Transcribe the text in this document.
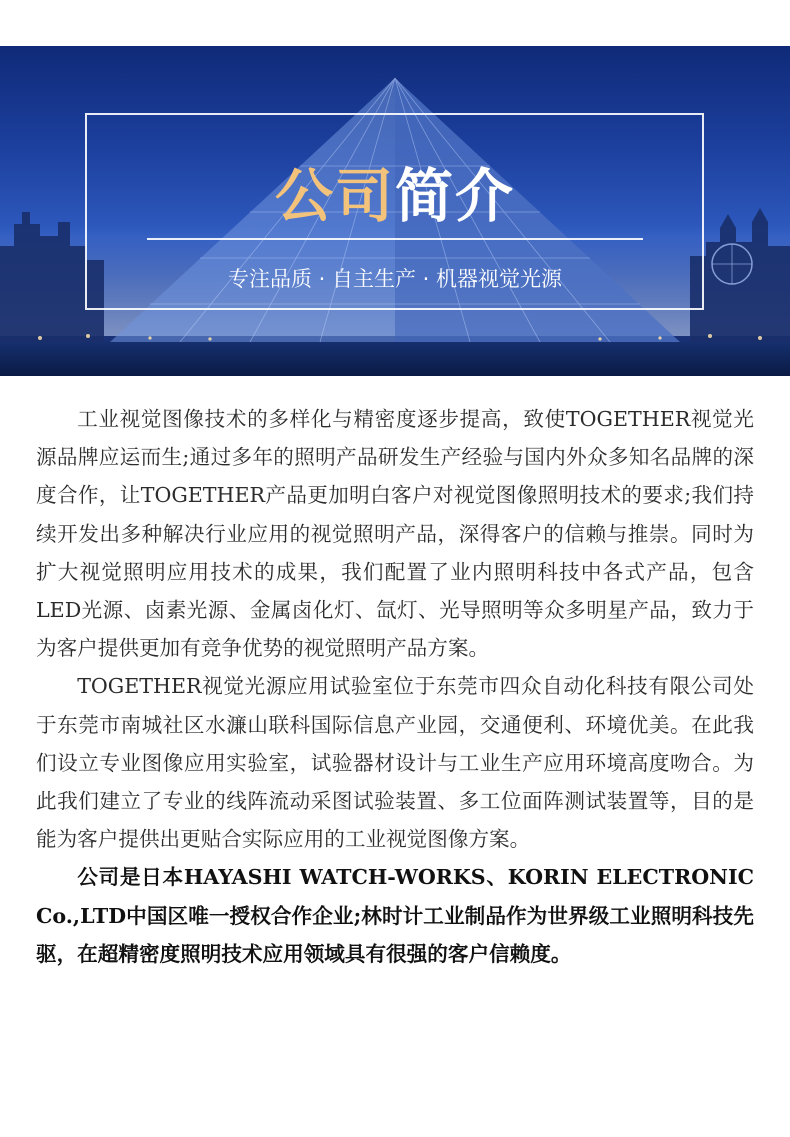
公司简介
专注品质 · 自主生产 · 机器视觉光源

工业视觉图像技术的多样化与精密度逐步提高，致使TOGETHER视觉光源品牌应运而生;通过多年的照明产品研发生产经验与国内外众多知名品牌的深度合作，让TOGETHER产品更加明白客户对视觉图像照明技术的要求;我们持续开发出多种解决行业应用的视觉照明产品，深得客户的信赖与推崇。同时为扩大视觉照明应用技术的成果，我们配置了业内照明科技中各式产品，包含LED光源、卤素光源、金属卤化灯、氙灯、光导照明等众多明星产品，致力于为客户提供更加有竞争优势的视觉照明产品方案。

TOGETHER视觉光源应用试验室位于东莞市四众自动化科技有限公司处于东莞市南城社区水濂山联科国际信息产业园，交通便利、环境优美。在此我们设立专业图像应用实验室，试验器材设计与工业生产应用环境高度吻合。为此我们建立了专业的线阵流动采图试验装置、多工位面阵测试装置等，目的是能为客户提供出更贴合实际应用的工业视觉图像方案。

公司是日本HAYASHI WATCH-WORKS、KORIN ELECTRONIC Co.,LTD中国区唯一授权合作企业;林时计工业制品作为世界级工业照明科技先驱，在超精密度照明技术应用领域具有很强的客户信赖度。
